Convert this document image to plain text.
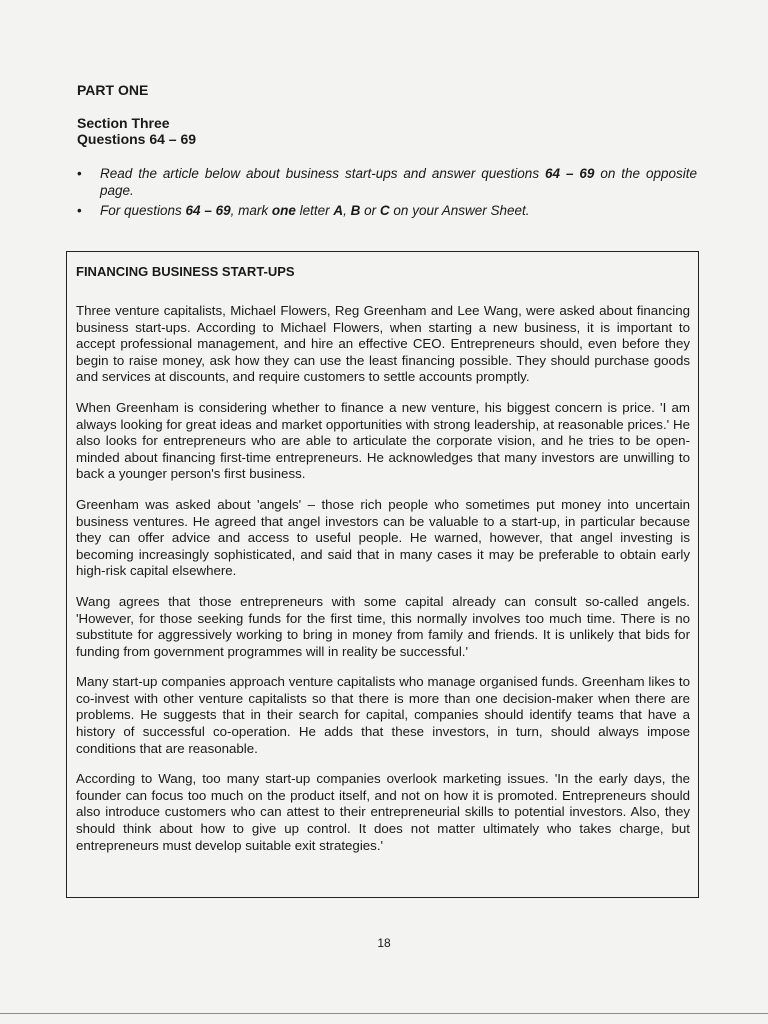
PART ONE
Section Three
Questions 64 – 69
• Read the article below about business start-ups and answer questions 64 – 69 on the opposite page.
• For questions 64 – 69, mark one letter A, B or C on your Answer Sheet.
FINANCING BUSINESS START-UPS

Three venture capitalists, Michael Flowers, Reg Greenham and Lee Wang, were asked about financing business start-ups. According to Michael Flowers, when starting a new business, it is important to accept professional management, and hire an effective CEO. Entrepreneurs should, even before they begin to raise money, ask how they can use the least financing possible. They should purchase goods and services at discounts, and require customers to settle accounts promptly.

When Greenham is considering whether to finance a new venture, his biggest concern is price. 'I am always looking for great ideas and market opportunities with strong leadership, at reasonable prices.' He also looks for entrepreneurs who are able to articulate the corporate vision, and he tries to be open-minded about financing first-time entrepreneurs. He acknowledges that many investors are unwilling to back a younger person's first business.

Greenham was asked about 'angels' – those rich people who sometimes put money into uncertain business ventures. He agreed that angel investors can be valuable to a start-up, in particular because they can offer advice and access to useful people. He warned, however, that angel investing is becoming increasingly sophisticated, and said that in many cases it may be preferable to obtain early high-risk capital elsewhere.

Wang agrees that those entrepreneurs with some capital already can consult so-called angels. 'However, for those seeking funds for the first time, this normally involves too much time. There is no substitute for aggressively working to bring in money from family and friends. It is unlikely that bids for funding from government programmes will in reality be successful.'

Many start-up companies approach venture capitalists who manage organised funds. Greenham likes to co-invest with other venture capitalists so that there is more than one decision-maker when there are problems. He suggests that in their search for capital, companies should identify teams that have a history of successful co-operation. He adds that these investors, in turn, should always impose conditions that are reasonable.

According to Wang, too many start-up companies overlook marketing issues. 'In the early days, the founder can focus too much on the product itself, and not on how it is promoted. Entrepreneurs should also introduce customers who can attest to their entrepreneurial skills to potential investors. Also, they should think about how to give up control. It does not matter ultimately who takes charge, but entrepreneurs must develop suitable exit strategies.'

18
